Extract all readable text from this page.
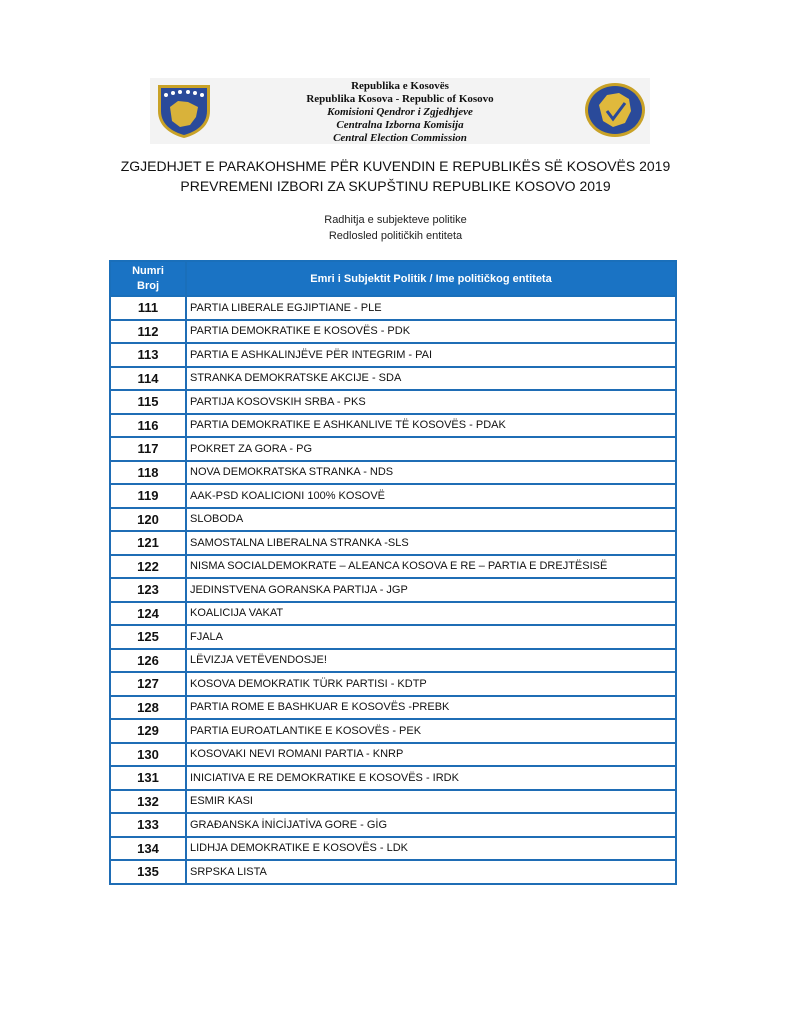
Republika e Kosovës
Republika Kosova - Republic of Kosovo
Komisioni Qendror i Zgjedhjeve
Centralna Izborna Komisija
Central Election Commission
ZGJEDHJET E PARAKOHSHME PËR KUVENDIN E REPUBLIKËS SË KOSOVËS 2019
PREVREMENI IZBORI ZA SKUPŠTINU REPUBLIKE KOSOVO 2019
Radhitja e subjekteve politike
Redlosled političkih entiteta
Numri
Broj	Emri i Subjektit Politik / Ime političkog entiteta
111	PARTIA LIBERALE EGJIPTIANE - PLE
112	PARTIA DEMOKRATIKE E KOSOVËS - PDK
113	PARTIA E ASHKALINJËVE PËR INTEGRIM - PAI
114	STRANKA DEMOKRATSKE AKCIJE - SDA
115	PARTIJA KOSOVSKIH SRBA - PKS
116	PARTIA DEMOKRATIKE E ASHKANLIVE TË KOSOVËS - PDAK
117	POKRET ZA GORA - PG
118	NOVA DEMOKRATSKA STRANKA - NDS
119	AAK-PSD KOALICIONI 100% KOSOVË
120	SLOBODA
121	SAMOSTALNA LIBERALNA STRANKA -SLS
122	NISMA SOCIALDEMOKRATE – ALEANCA KOSOVA E RE – PARTIA E DREJTËSISË
123	JEDINSTVENA GORANSKA PARTIJA - JGP
124	KOALICIJA VAKAT
125	FJALA
126	LËVIZJA VETËVENDOSJE!
127	KOSOVA DEMOKRATIK TÜRK PARTISI - KDTP
128	PARTIA ROME E BASHKUAR E KOSOVËS -PREBK
129	PARTIA EUROATLANTIKE E KOSOVËS - PEK
130	KOSOVAKI NEVI ROMANI PARTIA - KNRP
131	INICIATIVA E RE DEMOKRATIKE E KOSOVËS - IRDK
132	ESMIR KASI
133	GRAĐANSKA İNİCİJATİVA GORE - GİG
134	LIDHJA DEMOKRATIKE E KOSOVËS - LDK
135	SRPSKA LISTA
